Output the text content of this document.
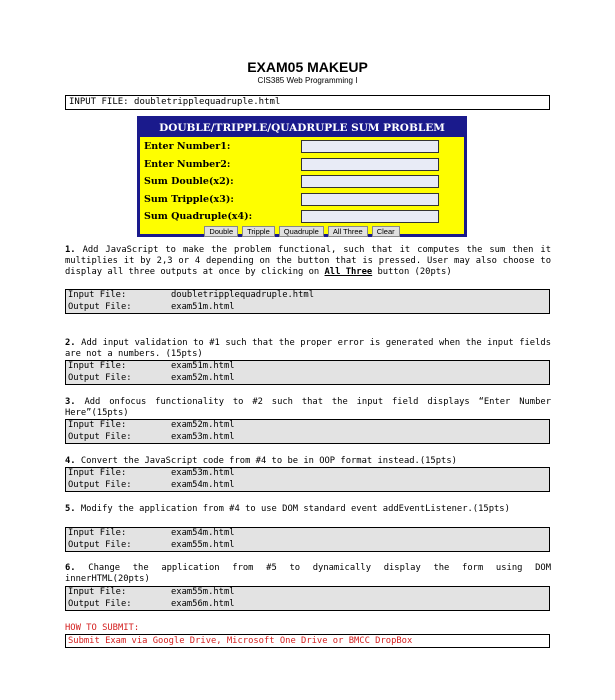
EXAM05 MAKEUP
CIS385 Web Programming I
INPUT FILE: doubletripplequadruple.html
DOUBLE/TRIPPLE/QUADRUPLE SUM PROBLEM
Enter Number1:
Enter Number2:
Sum Double(x2):
Sum Tripple(x3):
Sum Quadruple(x4):
Double Tripple Quadruple All Three Clear
1. Add JavaScript to make the problem functional, such that it computes the sum then it multiplies it by 2,3 or 4 depending on the button that is pressed. User may also choose to display all three outputs at once by clicking on All Three button (20pts)
Input File:	doubletripplequadruple.html
Output File:	exam51m.html
2. Add input validation to #1 such that the proper error is generated when the input fields are not a numbers. (15pts)
Input File:	exam51m.html
Output File:	exam52m.html
3. Add onfocus functionality to #2 such that the input field displays “Enter Number Here”(15pts)
Input File:	exam52m.html
Output File:	exam53m.html
4. Convert the JavaScript code from #4 to be in OOP format instead.(15pts)
Input File:	exam53m.html
Output File:	exam54m.html
5. Modify the application from #4 to use DOM standard event addEventListener.(15pts)
Input File:	exam54m.html
Output File:	exam55m.html
6. Change the application from #5 to dynamically display the form using DOM innerHTML(20pts)
Input File:	exam55m.html
Output File:	exam56m.html
HOW TO SUBMIT:
Submit Exam via Google Drive, Microsoft One Drive or BMCC DropBox
